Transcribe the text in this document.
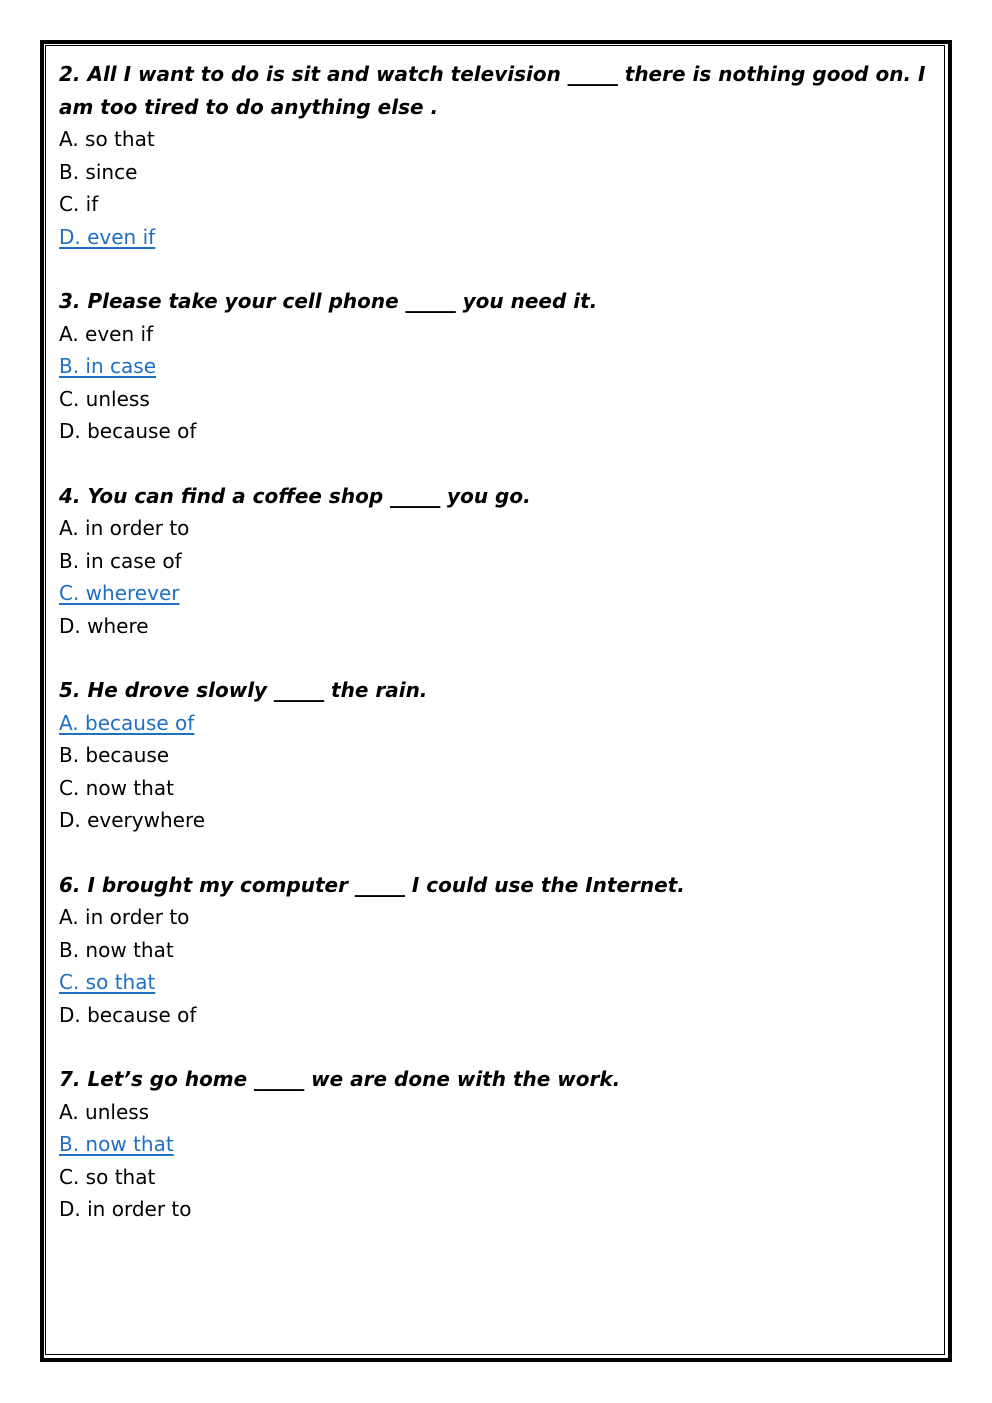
2. All I want to do is sit and watch television _____ there is nothing good on. I am too tired to do anything else .

A. so that

B. since

C. if

D. even if

3. Please take your cell phone _____ you need it.

A. even if

B. in case

C. unless

D. because of

4. You can find a coffee shop _____ you go.

A. in order to

B. in case of

C. wherever

D. where

5. He drove slowly _____ the rain.

A. because of

B. because

C. now that

D. everywhere

6. I brought my computer _____ I could use the Internet.

A. in order to

B. now that

C. so that

D. because of

7. Let’s go home _____ we are done with the work.

A. unless

B. now that

C. so that

D. in order to
